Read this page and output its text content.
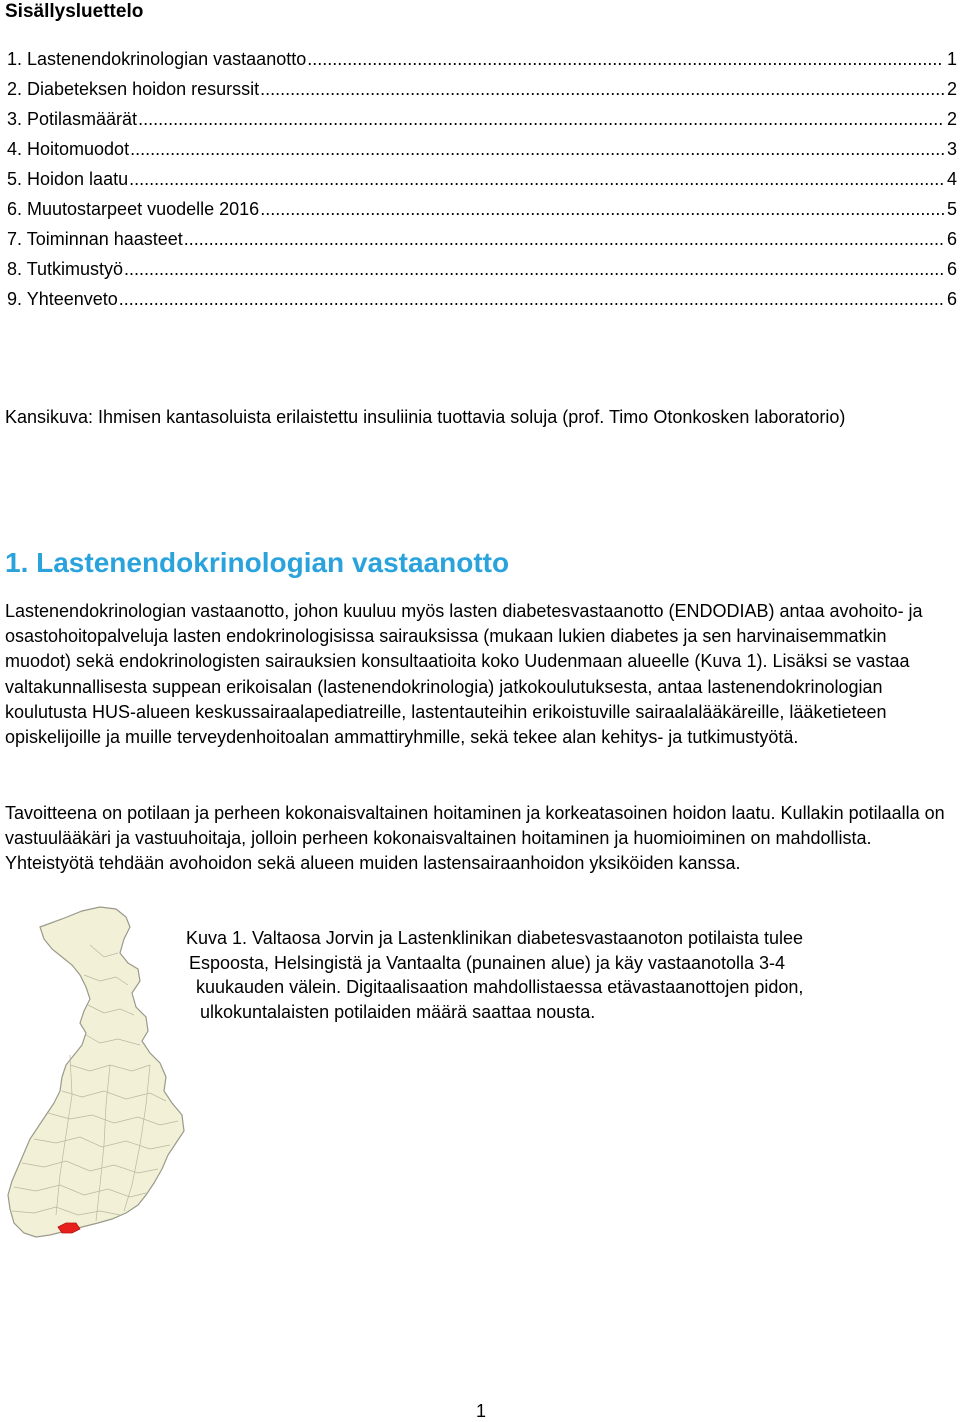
Sisällysluettelo
1. Lastenendokrinologian vastaanotto .....	1
2. Diabeteksen hoidon resurssit .....	2
3. Potilasmäärät .....	2
4. Hoitomuodot .....	3
5. Hoidon laatu .....	4
6. Muutostarpeet vuodelle 2016 .....	5
7. Toiminnan haasteet .....	6
8. Tutkimustyö .....	6
9. Yhteenveto .....	6

Kansikuva: Ihmisen kantasoluista erilaistettu insuliinia tuottavia soluja (prof. Timo Otonkosken laboratorio)

1. Lastenendokrinologian vastaanotto

Lastenendokrinologian vastaanotto, johon kuuluu myös lasten diabetesvastaanotto (ENDODIAB) antaa avohoito- ja osastohoitopalveluja lasten endokrinologisissa sairauksissa (mukaan lukien diabetes ja sen harvinaisemmatkin muodot) sekä endokrinologisten sairauksien konsultaatioita koko Uudenmaan alueelle (Kuva 1). Lisäksi se vastaa valtakunnallisesta suppean erikoisalan (lastenendokrinologia) jatkokoulutuksesta, antaa lastenendokrinologian koulutusta HUS-alueen keskussairaalapediatreille, lastentauteihin erikoistuville sairaalalääkäreille, lääketieteen opiskelijoille ja muille terveydenhoitoalan ammattiryhmille, sekä tekee alan kehitys- ja tutkimustyötä.

Tavoitteena on potilaan ja perheen kokonaisvaltainen hoitaminen ja korkeatasoinen hoidon laatu. Kullakin potilaalla on vastuulääkäri ja vastuuhoitaja, jolloin perheen kokonaisvaltainen hoitaminen ja huomioiminen on mahdollista. Yhteistyötä tehdään avohoidon sekä alueen muiden lastensairaanhoidon yksiköiden kanssa.

Kuva 1. Valtaosa Jorvin ja Lastenklinikan diabetesvastaanoton potilaista tulee
Espoosta, Helsingistä ja Vantaalta (punainen alue) ja käy vastaanotolla 3-4
kuukauden välein. Digitaalisaation mahdollistaessa etävastaanottojen pidon,
ulkokuntalaisten potilaiden määrä saattaa nousta.

1
